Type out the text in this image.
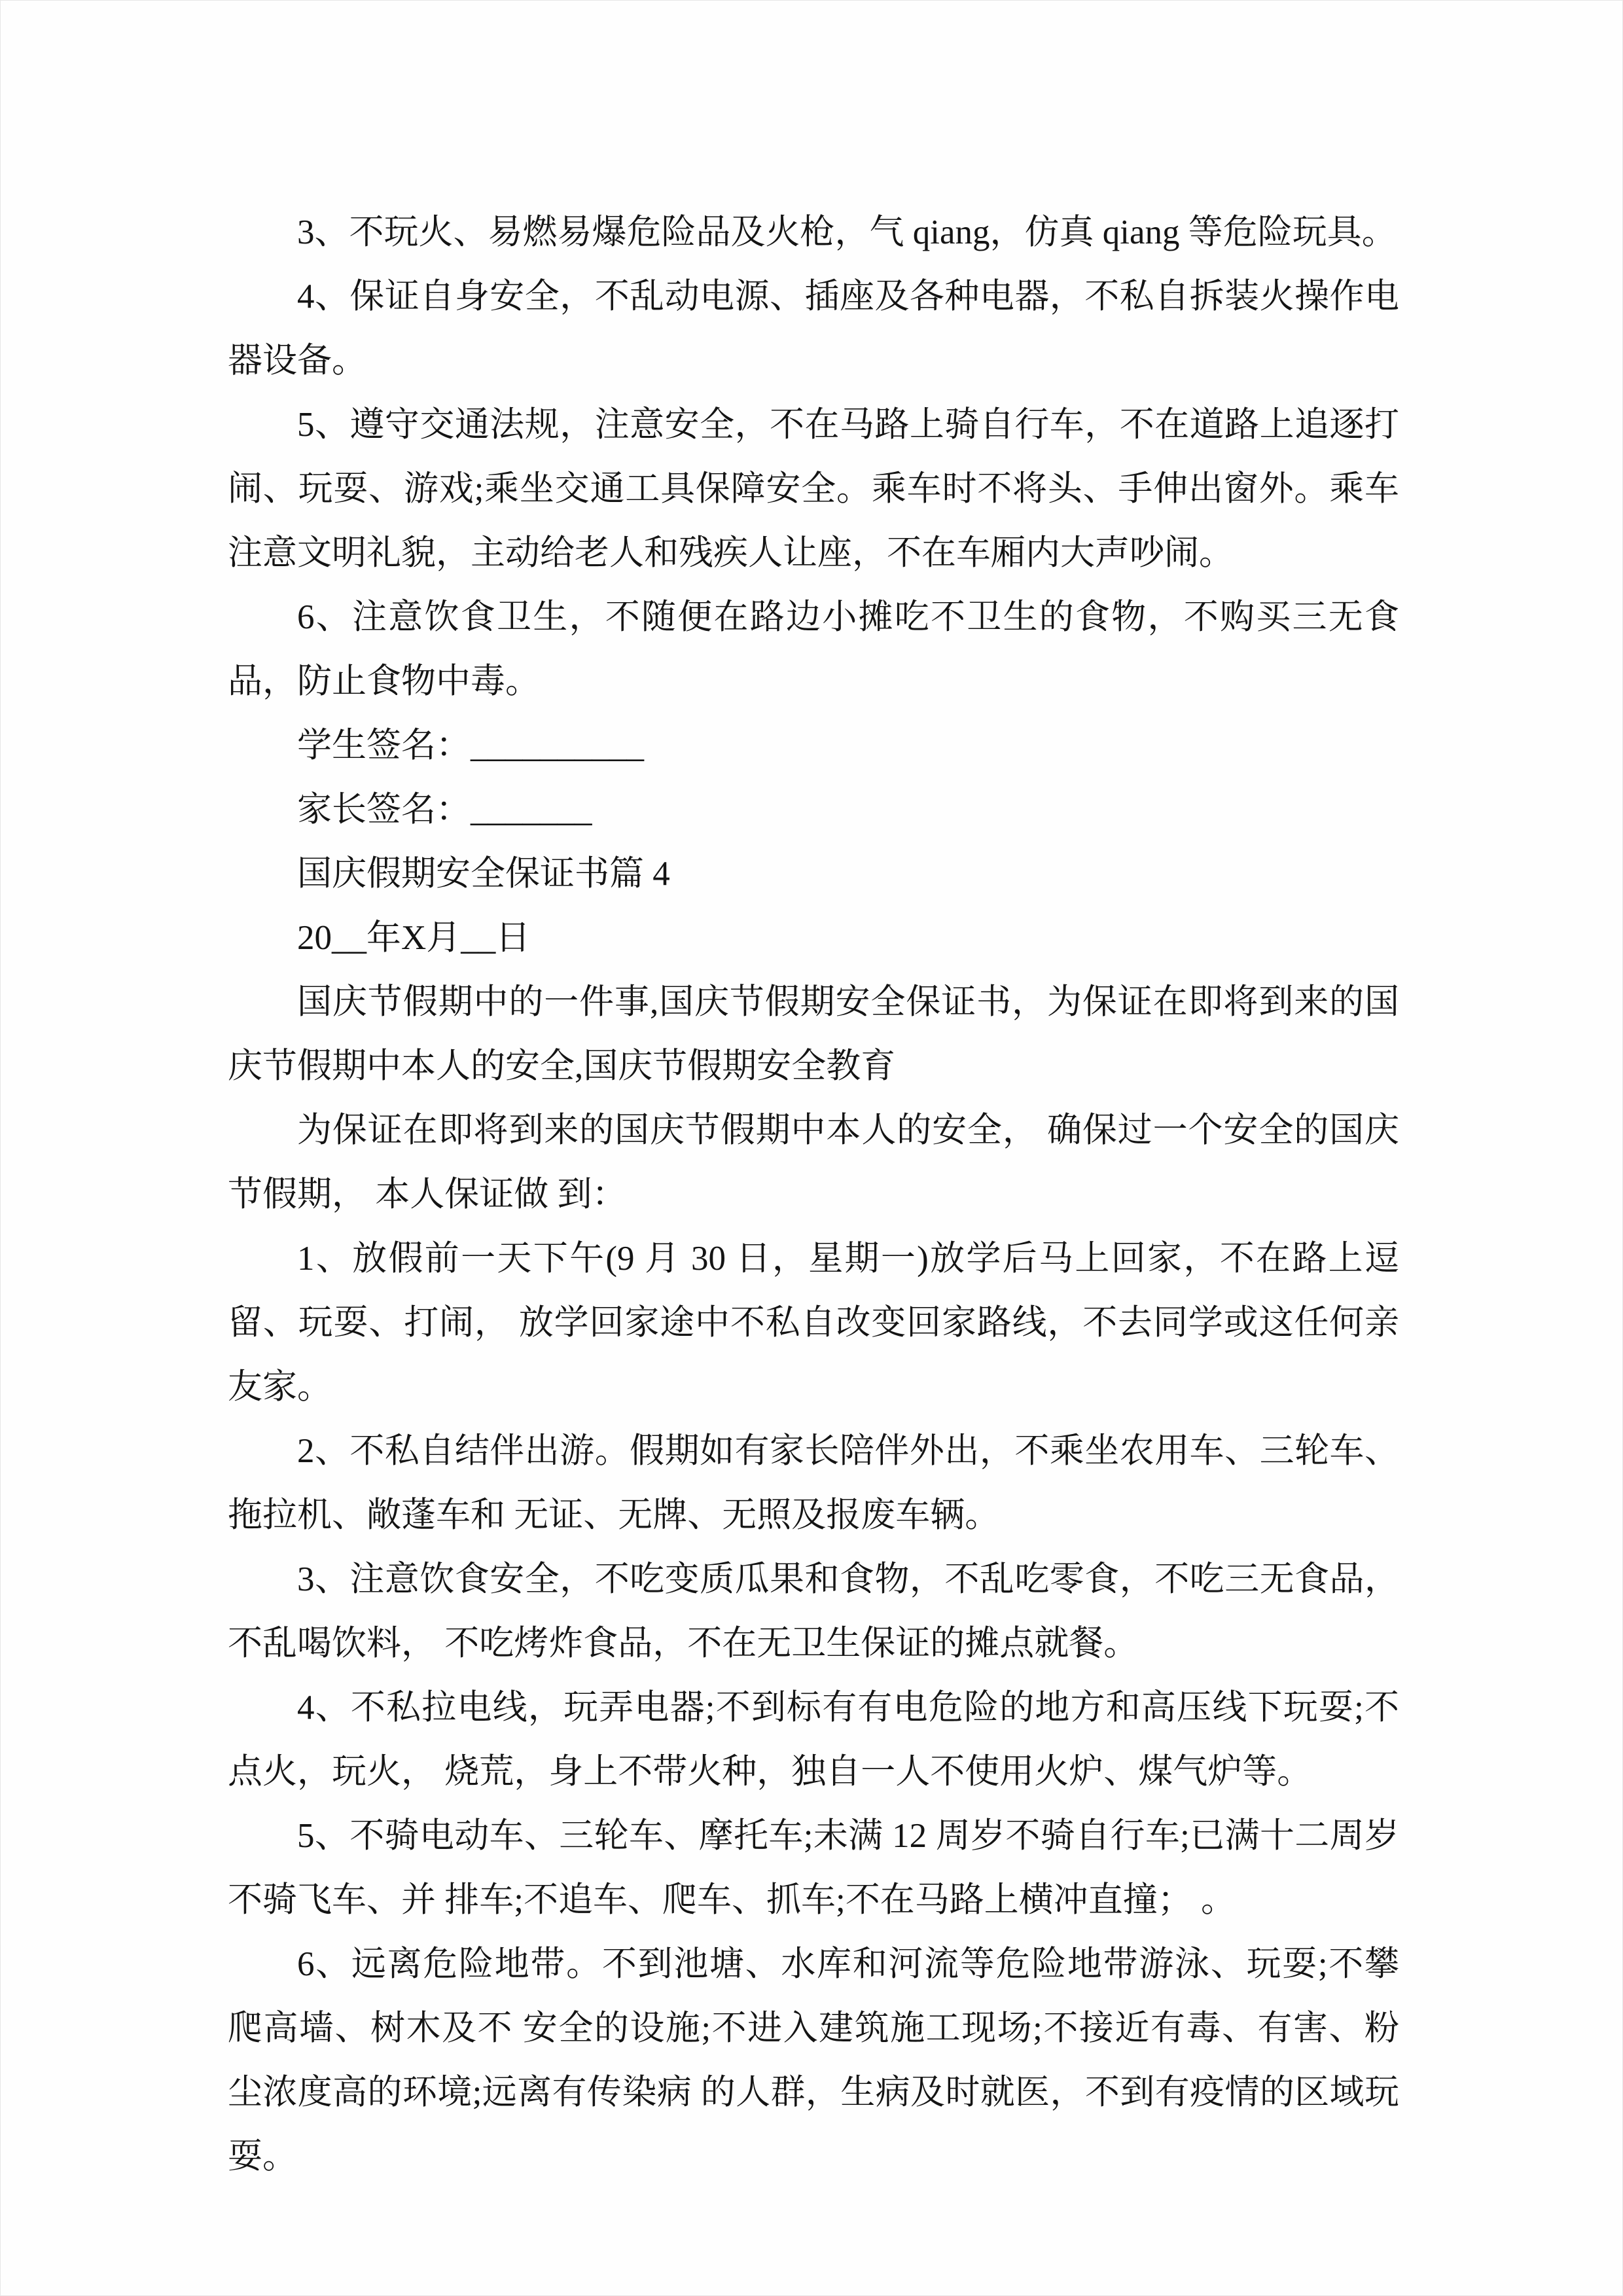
3、不玩火、易燃易爆危险品及火枪，气 qiang，仿真 qiang 等危险玩具。

4、保证自身安全，不乱动电源、插座及各种电器，不私自拆装火操作电器设备。

5、遵守交通法规，注意安全，不在马路上骑自行车，不在道路上追逐打闹、玩耍、游戏;乘坐交通工具保障安全。乘车时不将头、手伸出窗外。乘车注意文明礼貌，主动给老人和残疾人让座，不在车厢内大声吵闹。

6、注意饮食卫生，不随便在路边小摊吃不卫生的食物，不购买三无食品，防止食物中毒。

学生签名：__________

家长签名：_______

国庆假期安全保证书篇 4

20__年X月__日

国庆节假期中的一件事,国庆节假期安全保证书，为保证在即将到来的国庆节假期中本人的安全,国庆节假期安全教育

为保证在即将到来的国庆节假期中本人的安全， 确保过一个安全的国庆节假期， 本人保证做 到：

1、放假前一天下午(9 月 30 日，星期一)放学后马上回家，不在路上逗留、玩耍、打闹， 放学回家途中不私自改变回家路线，不去同学或这任何亲友家。

2、不私自结伴出游。假期如有家长陪伴外出，不乘坐农用车、三轮车、拖拉机、敞蓬车和 无证、无牌、无照及报废车辆。

3、注意饮食安全，不吃变质瓜果和食物，不乱吃零食，不吃三无食品，不乱喝饮料， 不吃烤炸食品，不在无卫生保证的摊点就餐。

4、不私拉电线，玩弄电器;不到标有有电危险的地方和高压线下玩耍;不点火，玩火， 烧荒，身上不带火种，独自一人不使用火炉、煤气炉等。

5、不骑电动车、三轮车、摩托车;未满 12 周岁不骑自行车;已满十二周岁不骑飞车、并 排车;不追车、爬车、抓车;不在马路上横冲直撞； 。

6、远离危险地带。不到池塘、水库和河流等危险地带游泳、玩耍;不攀爬高墙、树木及不 安全的设施;不进入建筑施工现场;不接近有毒、有害、粉尘浓度高的环境;远离有传染病 的人群，生病及时就医，不到有疫情的区域玩耍。
